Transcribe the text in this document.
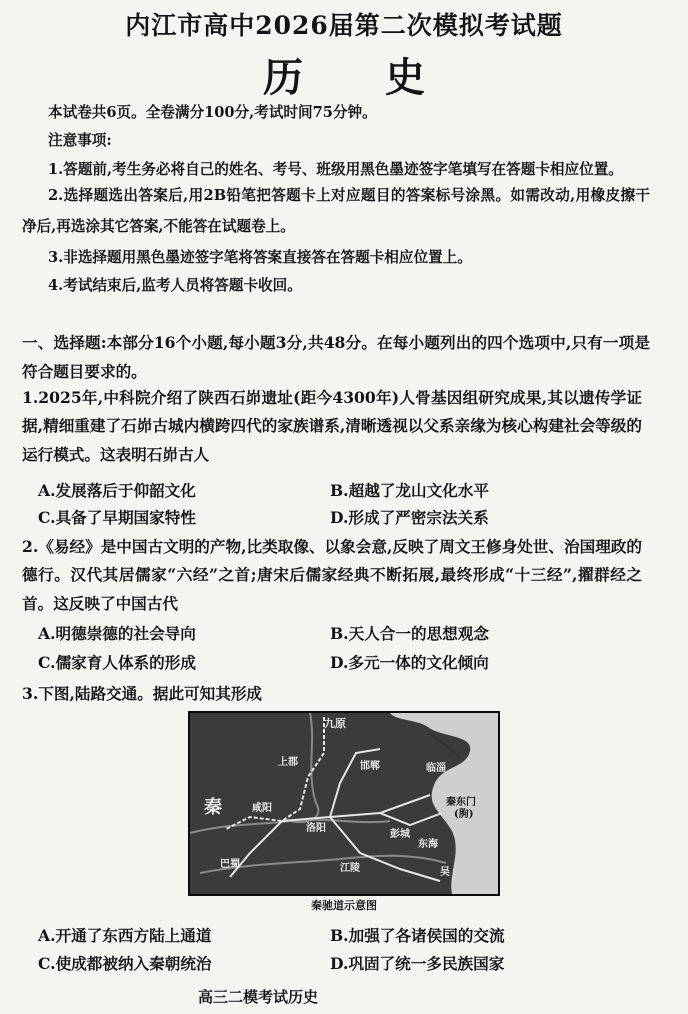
内江市高中2026届第二次模拟考试题
历 史
本试卷共6页。全卷满分100分,考试时间75分钟。
注意事项:
1.答题前,考生务必将自己的姓名、考号、班级用黑色墨迹签字笔填写在答题卡相应位置。
2.选择题选出答案后,用2B铅笔把答题卡上对应题目的答案标号涂黑。如需改动,用橡皮擦干净后,再选涂其它答案,不能答在试题卷上。
3.非选择题用黑色墨迹签字笔将答案直接答在答题卡相应位置上。
4.考试结束后,监考人员将答题卡收回。
一、选择题:本部分16个小题,每小题3分,共48分。在每小题列出的四个选项中,只有一项是符合题目要求的。
1.2025年,中科院介绍了陕西石峁遗址(距今4300年)人骨基因组研究成果,其以遗传学证据,精细重建了石峁古城内横跨四代的家族谱系,清晰透视以父系亲缘为核心构建社会等级的运行模式。这表明石峁古人
A.发展落后于仰韶文化	B.超越了龙山文化水平
C.具备了早期国家特性	D.形成了严密宗法关系
2.《易经》是中国古文明的产物,比类取像、以象会意,反映了周文王修身处世、治国理政的德行。汉代其居儒家“六经”之首;唐宋后儒家经典不断拓展,最终形成“十三经”,擢群经之首。这反映了中国古代
A.明德崇德的社会导向	B.天人合一的思想观念
C.儒家育人体系的形成	D.多元一体的文化倾向
3.下图,陆路交通。据此可知其形成
九原
上郡
秦	咸阳
洛阳
邯郸	临淄
彭城
东海
秦东门
(朐)
巴蜀	江陵	吴
秦驰道示意图
A.开通了东西方陆上通道	B.加强了各诸侯国的交流
C.使成都被纳入秦朝统治	D.巩固了统一多民族国家
高三二模考试历史
